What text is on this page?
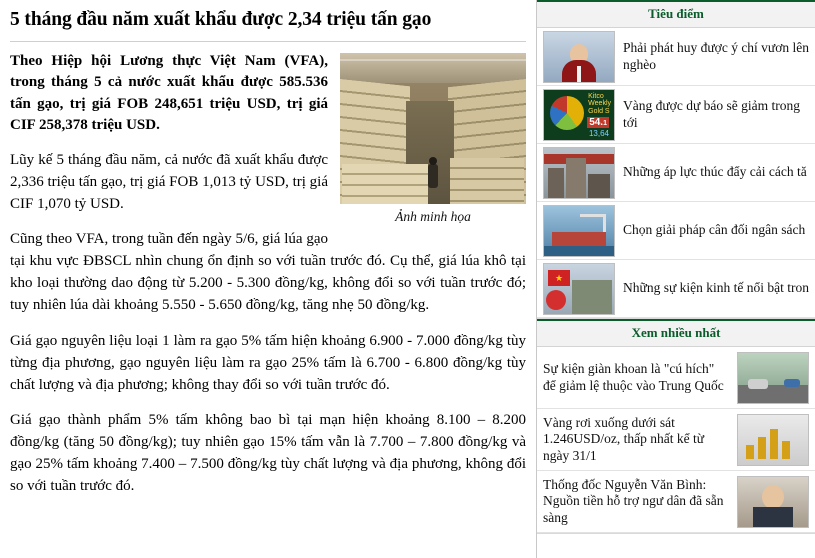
5 tháng đầu năm xuất khẩu được 2,34 triệu tấn gạo
Ảnh minh họa

Theo Hiệp hội Lương thực Việt Nam (VFA), trong tháng 5 cả nước xuất khẩu được 585.536 tấn gạo, trị giá FOB 248,651 triệu USD, trị giá CIF 258,378 triệu USD.

Lũy kế 5 tháng đầu năm, cả nước đã xuất khẩu được 2,336 triệu tấn gạo, trị giá FOB 1,013 tỷ USD, trị giá CIF 1,070 tỷ USD.

Cũng theo VFA, trong tuần đến ngày 5/6, giá lúa gạo tại khu vực ĐBSCL nhìn chung ổn định so với tuần trước đó. Cụ thể, giá lúa khô tại kho loại thường dao động từ 5.200 - 5.300 đồng/kg, không đổi so với tuần trước đó; tuy nhiên lúa dài khoảng 5.550 - 5.650 đồng/kg, tăng nhẹ 50 đồng/kg.

Giá gạo nguyên liệu loại 1 làm ra gạo 5% tấm hiện khoảng 6.900 - 7.000 đồng/kg tùy từng địa phương, gạo nguyên liệu làm ra gạo 25% tấm là 6.700 - 6.800 đồng/kg tùy chất lượng và địa phương; không thay đổi so với tuần trước đó.

Giá gạo thành phẩm 5% tấm không bao bì tại mạn hiện khoảng 8.100 – 8.200 đồng/kg (tăng 50 đồng/kg); tuy nhiên gạo 15% tấm vẫn là 7.700 – 7.800 đồng/kg và gạo 25% tấm khoảng 7.400 – 7.500 đồng/kg tùy chất lượng và địa phương, không đổi so với tuần trước đó.

Tiêu điểm
Phải phát huy được ý chí vươn lên nghèo
Kitco
Weekly
Gold S
54.1
13,64
Vàng được dự báo sẽ giảm trong tới
Những áp lực thúc đẩy cải cách tă
Chọn giải pháp cân đối ngân sách
★
Những sự kiện kinh tế nổi bật tron
Xem nhiều nhất
Sự kiện giàn khoan là "cú hích" để giảm lệ thuộc vào Trung Quốc
Vàng rơi xuống dưới sát 1.246USD/oz, thấp nhất kể từ ngày 31/1
Thống đốc Nguyễn Văn Bình: Nguồn tiền hỗ trợ ngư dân đã sẵn sàng
